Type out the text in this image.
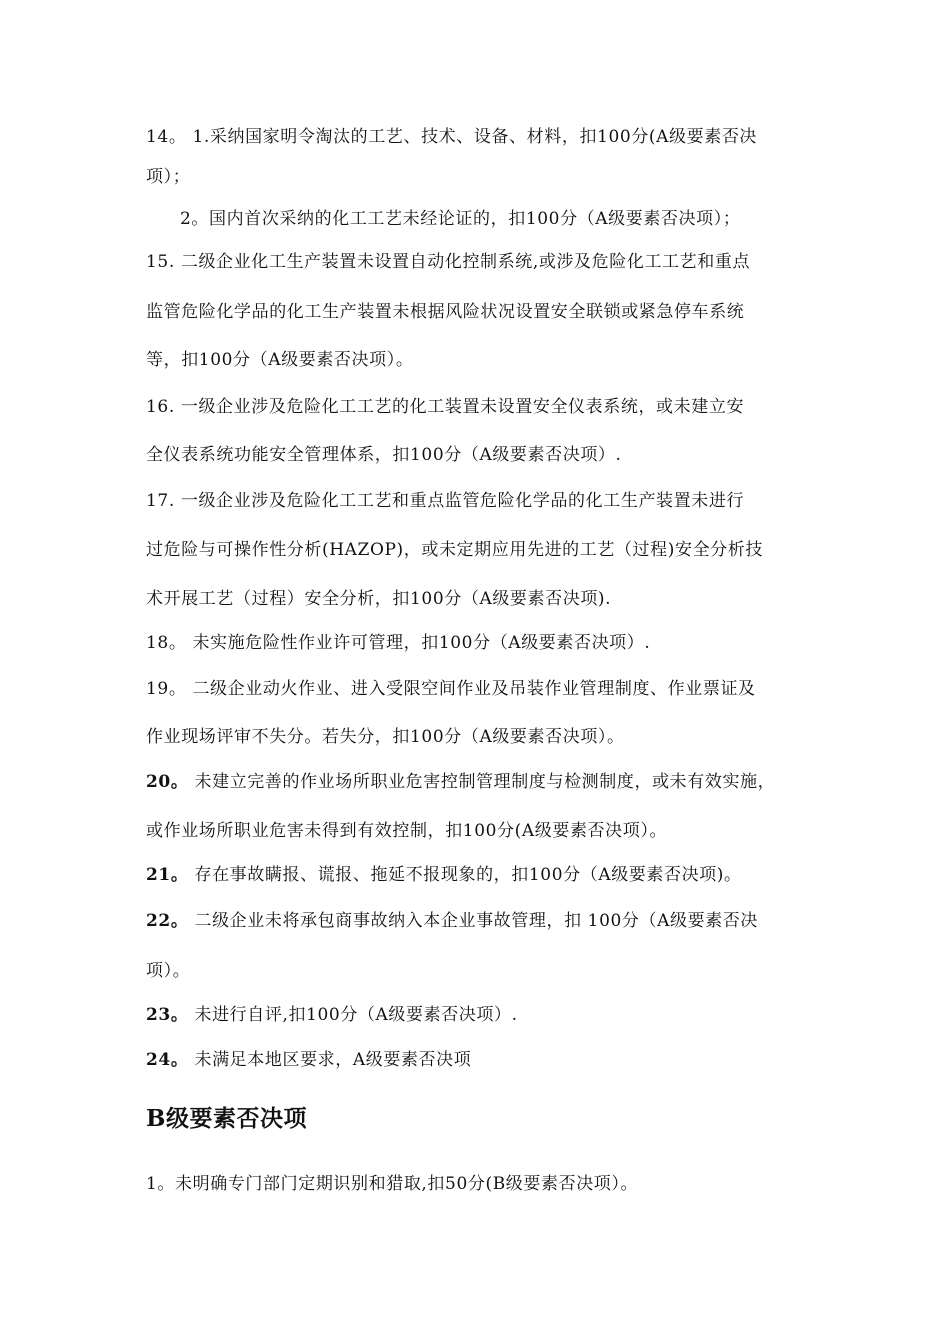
14。 1.采纳国家明令淘汰的工艺、技术、设备、材料，扣100分(A级要素否决
项）；
2。国内首次采纳的化工工艺未经论证的，扣100分（A级要素否决项）；
15. 二级企业化工生产装置未设置自动化控制系统,或涉及危险化工工艺和重点
监管危险化学品的化工生产装置未根据风险状况设置安全联锁或紧急停车系统
等，扣100分（A级要素否决项）。
16. 一级企业涉及危险化工工艺的化工装置未设置安全仪表系统，或未建立安
全仪表系统功能安全管理体系，扣100分（A级要素否决项）.
17. 一级企业涉及危险化工工艺和重点监管危险化学品的化工生产装置未进行
过危险与可操作性分析(HAZOP)，或未定期应用先进的工艺（过程)安全分析技
术开展工艺（过程）安全分析，扣100分（A级要素否决项).
18。 未实施危险性作业许可管理，扣100分（A级要素否决项）.
19。 二级企业动火作业、进入受限空间作业及吊装作业管理制度、作业票证及
作业现场评审不失分。若失分，扣100分（A级要素否决项）。
20。 未建立完善的作业场所职业危害控制管理制度与检测制度，或未有效实施，
或作业场所职业危害未得到有效控制，扣100分(A级要素否决项）。
21。 存在事故瞒报、谎报、拖延不报现象的，扣100分（A级要素否决项)。
22。 二级企业未将承包商事故纳入本企业事故管理，扣 100分（A级要素否决
项）。
23。 未进行自评,扣100分（A级要素否决项）.
24。 未满足本地区要求，A级要素否决项
B级要素否决项
1。未明确专门部门定期识别和猎取,扣50分(B级要素否决项）。
